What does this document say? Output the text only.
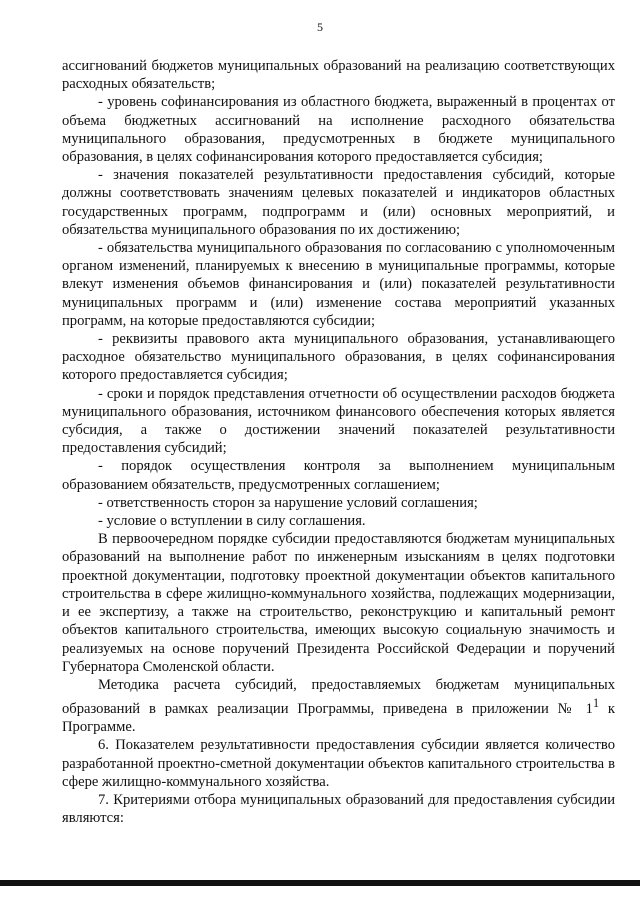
5

ассигнований бюджетов муниципальных образований на реализацию соответствующих расходных обязательств;

- уровень софинансирования из областного бюджета, выраженный в процентах от объема бюджетных ассигнований на исполнение расходного обязательства муниципального образования, предусмотренных в бюджете муниципального образования, в целях софинансирования которого предоставляется субсидия;

- значения показателей результативности предоставления субсидий, которые должны соответствовать значениям целевых показателей и индикаторов областных государственных программ, подпрограмм и (или) основных мероприятий, и обязательства муниципального образования по их достижению;

- обязательства муниципального образования по согласованию с уполномоченным органом изменений, планируемых к внесению в муниципальные программы, которые влекут изменения объемов финансирования и (или) показателей результативности муниципальных программ и (или) изменение состава мероприятий указанных программ, на которые предоставляются субсидии;

- реквизиты правового акта муниципального образования, устанавливающего расходное обязательство муниципального образования, в целях софинансирования которого предоставляется субсидия;

- сроки и порядок представления отчетности об осуществлении расходов бюджета муниципального образования, источником финансового обеспечения которых является субсидия, а также о достижении значений показателей результативности предоставления субсидий;

- порядок осуществления контроля за выполнением муниципальным образованием обязательств, предусмотренных соглашением;

- ответственность сторон за нарушение условий соглашения;

- условие о вступлении в силу соглашения.

В первоочередном порядке субсидии предоставляются бюджетам муниципальных образований на выполнение работ по инженерным изысканиям в целях подготовки проектной документации, подготовку проектной документации объектов капитального строительства в сфере жилищно-коммунального хозяйства, подлежащих модернизации, и ее экспертизу, а также на строительство, реконструкцию и капитальный ремонт объектов капитального строительства, имеющих высокую социальную значимость и реализуемых на основе поручений Президента Российской Федерации и поручений Губернатора Смоленской области.

Методика расчета субсидий, предоставляемых бюджетам муниципальных образований в рамках реализации Программы, приведена в приложении № $1^1$ к Программе.

6. Показателем результативности предоставления субсидии является количество разработанной проектно-сметной документации объектов капитального строительства в сфере жилищно-коммунального хозяйства.

7. Критериями отбора муниципальных образований для предоставления субсидии являются:
